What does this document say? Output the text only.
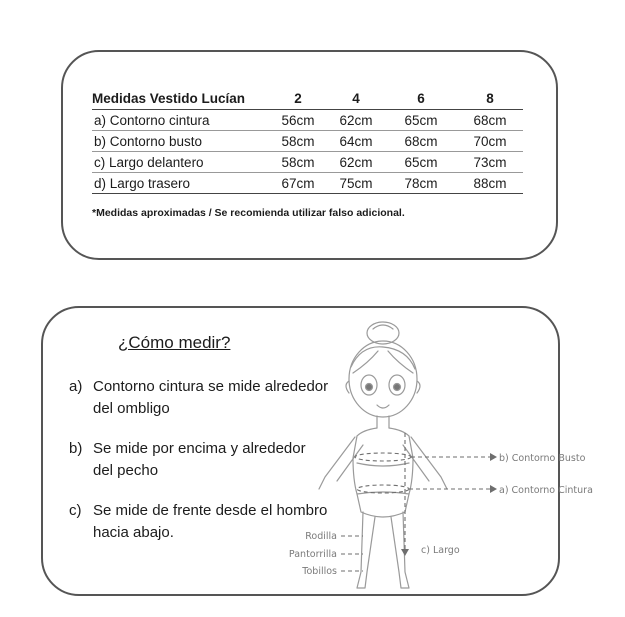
Medidas Vestido Lucían	2	4	6	8
a) Contorno cintura	56cm	62cm	65cm	68cm
b) Contorno busto	58cm	64cm	68cm	70cm
c) Largo delantero	58cm	62cm	65cm	73cm
d) Largo trasero	67cm	75cm	78cm	88cm
*Medidas aproximadas / Se recomienda utilizar falso adicional.
¿Cómo medir?
a) Contorno cintura se mide alrededor del ombligo
b) Se mide por encima y alrededor del pecho
c) Se mide de frente desde el hombro hacia abajo.
b) Contorno Busto
a) Contorno Cintura
c) Largo
Rodilla
Pantorrilla
Tobillos
